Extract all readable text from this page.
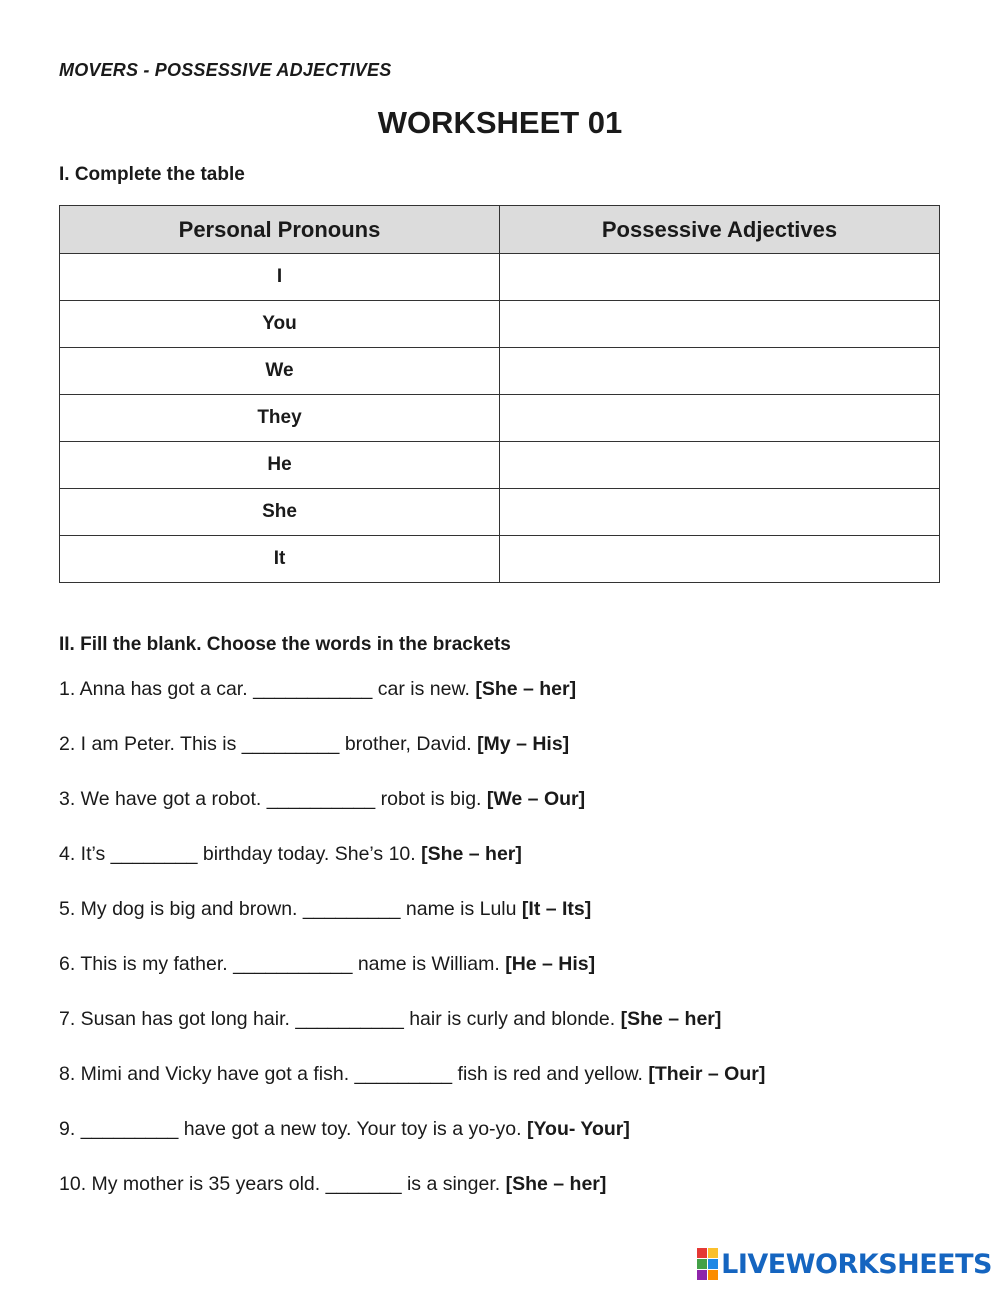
MOVERS - POSSESSIVE ADJECTIVES
WORKSHEET 01
I. Complete the table
Personal Pronouns	Possessive Adjectives
I	
You	
We	
They	
He	
She	
It	
II. Fill the blank. Choose the words in the brackets
1. Anna has got a car. ___________ car is new. [She – her]
2. I am Peter. This is _________ brother, David. [My – His]
3. We have got a robot. __________ robot is big. [We – Our]
4. It’s ________ birthday today. She’s 10. [She – her]
5. My dog is big and brown. _________ name is Lulu [It – Its]
6. This is my father. ___________ name is William. [He – His]
7. Susan has got long hair. __________ hair is curly and blonde. [She – her]
8. Mimi and Vicky have got a fish. _________ fish is red and yellow. [Their – Our]
9. _________ have got a new toy. Your toy is a yo-yo. [You- Your]
10. My mother is 35 years old. _______ is a singer. [She – her]
LIVEWORKSHEETS
